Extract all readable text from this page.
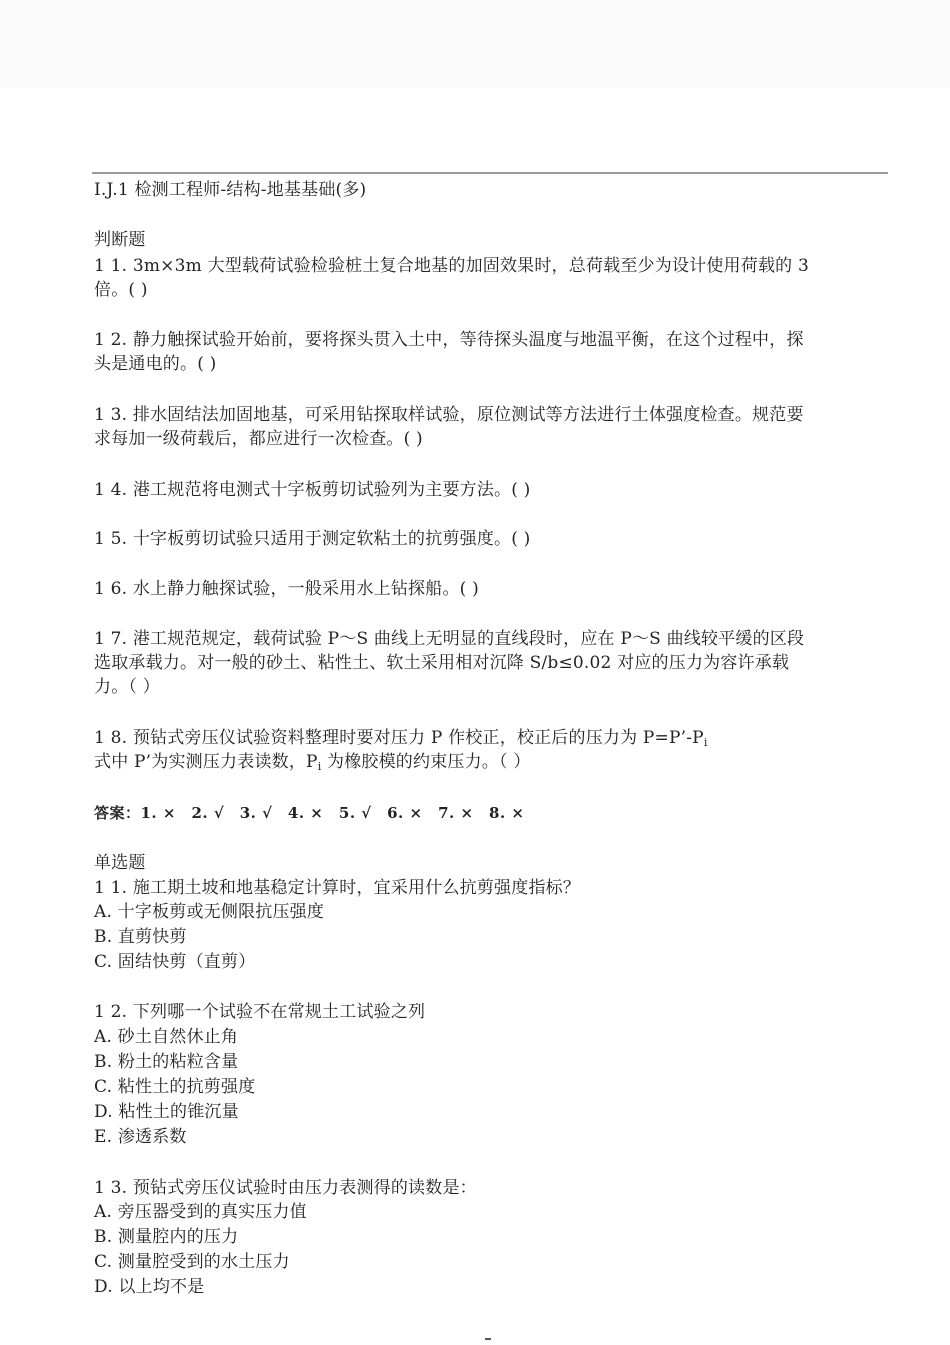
Ⅰ.J.1 检测工程师-结构-地基基础(多)
判断题
1 1. 3m×3m 大型载荷试验检验桩土复合地基的加固效果时，总荷载至少为设计使用荷载的 3
倍。( )
1 2. 静力触探试验开始前，要将探头贯入土中，等待探头温度与地温平衡，在这个过程中，探
头是通电的。( )
1 3. 排水固结法加固地基，可采用钻探取样试验，原位测试等方法进行土体强度检查。规范要
求每加一级荷载后，都应进行一次检查。( )
1 4. 港工规范将电测式十字板剪切试验列为主要方法。( )
1 5. 十字板剪切试验只适用于测定软粘土的抗剪强度。( )
1 6. 水上静力触探试验，一般采用水上钻探船。( )
1 7. 港工规范规定，载荷试验 P～S 曲线上无明显的直线段时，应在 P～S 曲线较平缓的区段
选取承载力。对一般的砂土、粘性土、软土采用相对沉降 S/b≤0.02 对应的压力为容许承载
力。（ ）
1 8. 预钻式旁压仪试验资料整理时要对压力 P 作校正，校正后的压力为 $P=P’-P_i$
式中 P’为实测压力表读数，$P_i$ 为橡胶模的约束压力。（ ）
答案：1. ×　2. √　3. √　4. ×　5. √　6. ×　7. ×　8. ×
单选题
1 1. 施工期土坡和地基稳定计算时，宜采用什么抗剪强度指标？
A. 十字板剪或无侧限抗压强度
B. 直剪快剪
C. 固结快剪（直剪）
1 2. 下列哪一个试验不在常规土工试验之列
A. 砂土自然休止角
B. 粉土的粘粒含量
C. 粘性土的抗剪强度
D. 粘性土的锥沉量
E. 渗透系数
1 3. 预钻式旁压仪试验时由压力表测得的读数是：
A. 旁压器受到的真实压力值
B. 测量腔内的压力
C. 测量腔受到的水土压力
D. 以上均不是
